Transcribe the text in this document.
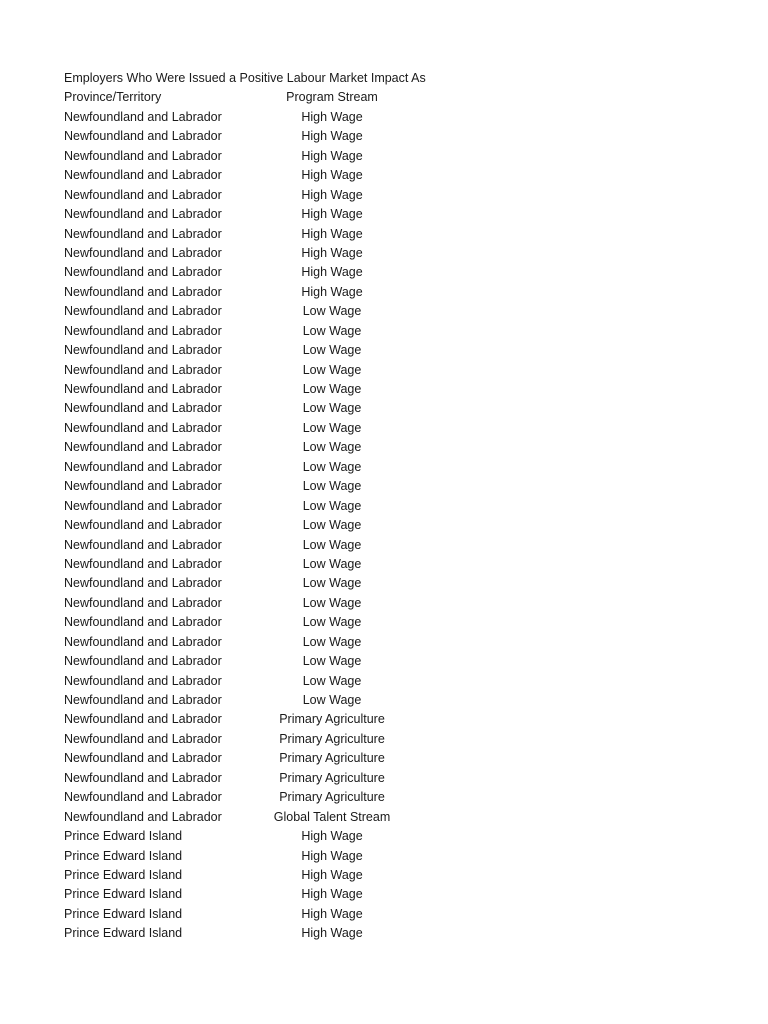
Employers Who Were Issued a Positive Labour Market Impact As
Province/Territory	Program Stream
Newfoundland and Labrador	High Wage
Newfoundland and Labrador	High Wage
Newfoundland and Labrador	High Wage
Newfoundland and Labrador	High Wage
Newfoundland and Labrador	High Wage
Newfoundland and Labrador	High Wage
Newfoundland and Labrador	High Wage
Newfoundland and Labrador	High Wage
Newfoundland and Labrador	High Wage
Newfoundland and Labrador	High Wage
Newfoundland and Labrador	Low Wage
Newfoundland and Labrador	Low Wage
Newfoundland and Labrador	Low Wage
Newfoundland and Labrador	Low Wage
Newfoundland and Labrador	Low Wage
Newfoundland and Labrador	Low Wage
Newfoundland and Labrador	Low Wage
Newfoundland and Labrador	Low Wage
Newfoundland and Labrador	Low Wage
Newfoundland and Labrador	Low Wage
Newfoundland and Labrador	Low Wage
Newfoundland and Labrador	Low Wage
Newfoundland and Labrador	Low Wage
Newfoundland and Labrador	Low Wage
Newfoundland and Labrador	Low Wage
Newfoundland and Labrador	Low Wage
Newfoundland and Labrador	Low Wage
Newfoundland and Labrador	Low Wage
Newfoundland and Labrador	Low Wage
Newfoundland and Labrador	Low Wage
Newfoundland and Labrador	Low Wage
Newfoundland and Labrador	Primary Agriculture
Newfoundland and Labrador	Primary Agriculture
Newfoundland and Labrador	Primary Agriculture
Newfoundland and Labrador	Primary Agriculture
Newfoundland and Labrador	Primary Agriculture
Newfoundland and Labrador	Global Talent Stream
Prince Edward Island	High Wage
Prince Edward Island	High Wage
Prince Edward Island	High Wage
Prince Edward Island	High Wage
Prince Edward Island	High Wage
Prince Edward Island	High Wage
